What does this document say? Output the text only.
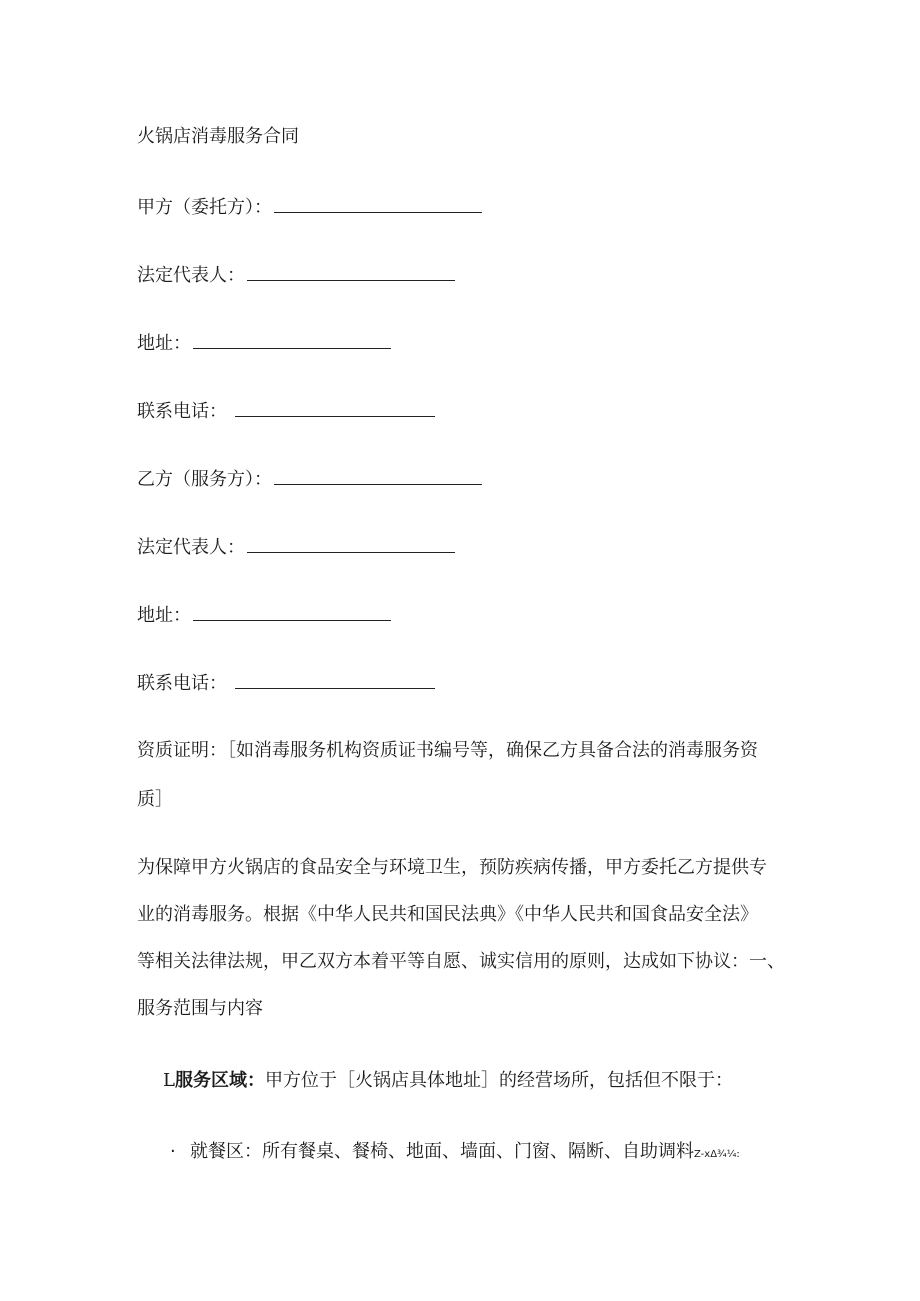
火锅店消毒服务合同
甲方（委托方）：
法定代表人：
地址：
联系电话：
乙方（服务方）：
法定代表人：
地址：
联系电话：
资质证明：［如消毒服务机构资质证书编号等，确保乙方具备合法的消毒服务资
质］
为保障甲方火锅店的食品安全与环境卫生，预防疾病传播，甲方委托乙方提供专
业的消毒服务。根据《中华人民共和国民法典》《中华人民共和国食品安全法》
等相关法律法规，甲乙双方本着平等自愿、诚实信用的原则，达成如下协议：一、
服务范围与内容
L服务区域：甲方位于［火锅店具体地址］的经营场所，包括但不限于：
· 就餐区：所有餐桌、餐椅、地面、墙面、门窗、隔断、自助调料Z-xΔ¾¼:
